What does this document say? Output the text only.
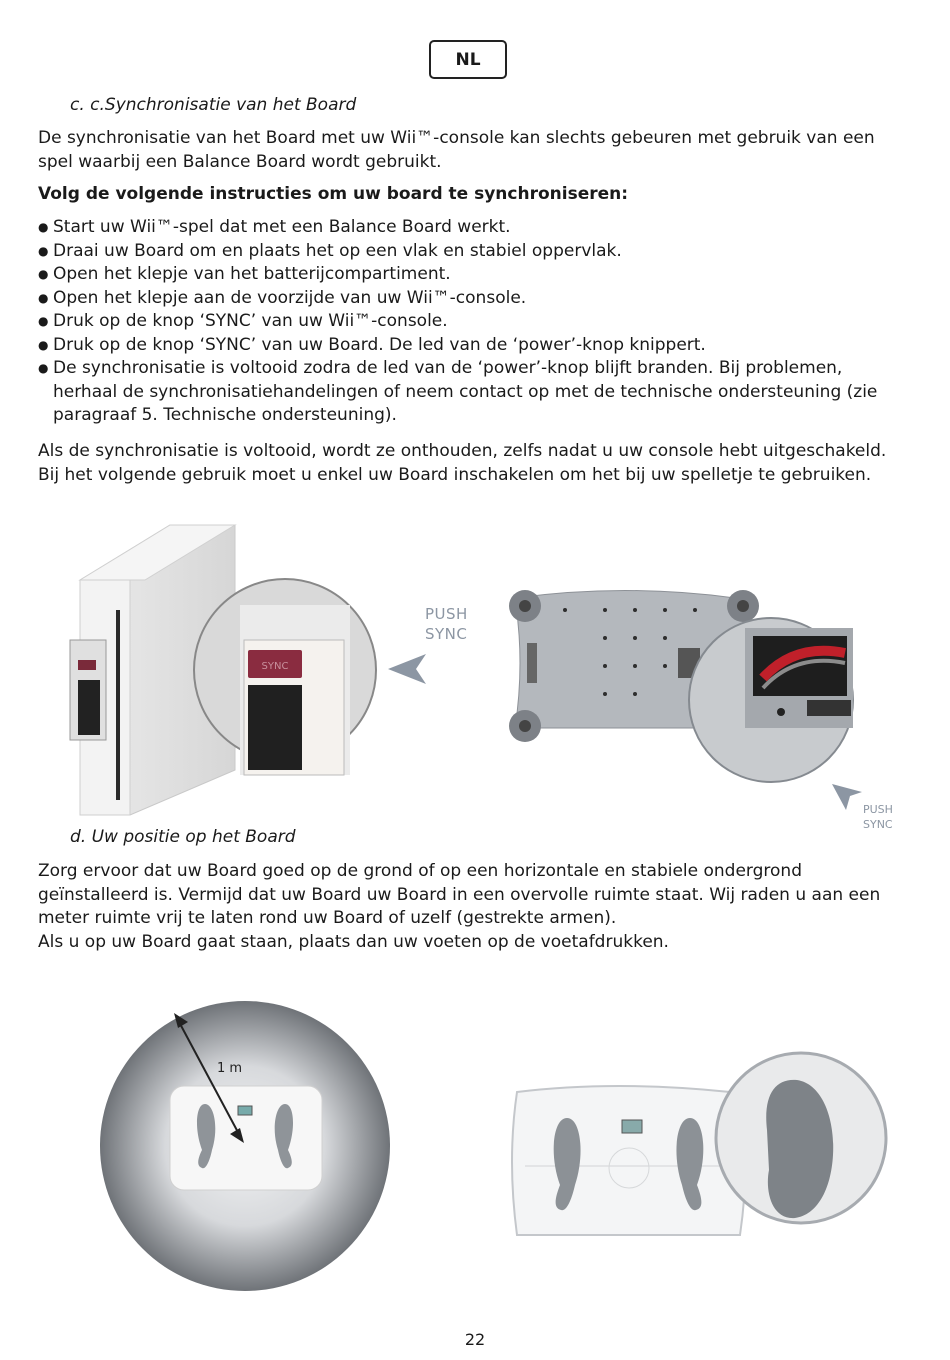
NL
c. c.Synchronisatie van het Board
De synchronisatie van het Board met uw Wii™-console kan slechts gebeuren met gebruik van een spel waarbij een Balance Board wordt gebruikt.
Volg de volgende instructies om uw board te synchroniseren:
● Start uw Wii™-spel dat met een Balance Board werkt.
● Draai uw Board om en plaats het op een vlak en stabiel oppervlak.
● Open het klepje van het batterijcompartiment.
● Open het klepje aan de voorzijde van uw Wii™-console.
● Druk op de knop ‘SYNC’ van uw Wii™-console.
● Druk op de knop ‘SYNC’ van uw Board. De led van de ‘power’-knop knippert.
● De synchronisatie is voltooid zodra de led van de ‘power’-knop blijft branden. Bij problemen, herhaal de synchronisatiehandelingen of neem contact op met de technische ondersteuning (zie paragraaf 5. Technische ondersteuning).
Als de synchronisatie is voltooid, wordt ze onthouden, zelfs nadat u uw console hebt uitgeschakeld. Bij het volgende gebruik moet u enkel uw Board inschakelen om het bij uw spelletje te gebruiken.
SYNC
PUSH
SYNC
PUSH
SYNC
d. Uw positie op het Board
Zorg ervoor dat uw Board goed op de grond of op een horizontale en stabiele ondergrond geïnstalleerd is. Vermijd dat uw Board uw Board in een overvolle ruimte staat. Wij raden u aan een meter ruimte vrij te laten rond uw Board of uzelf (gestrekte armen).
Als u op uw Board gaat staan, plaats dan uw voeten op de voetafdrukken.
1 m
22
